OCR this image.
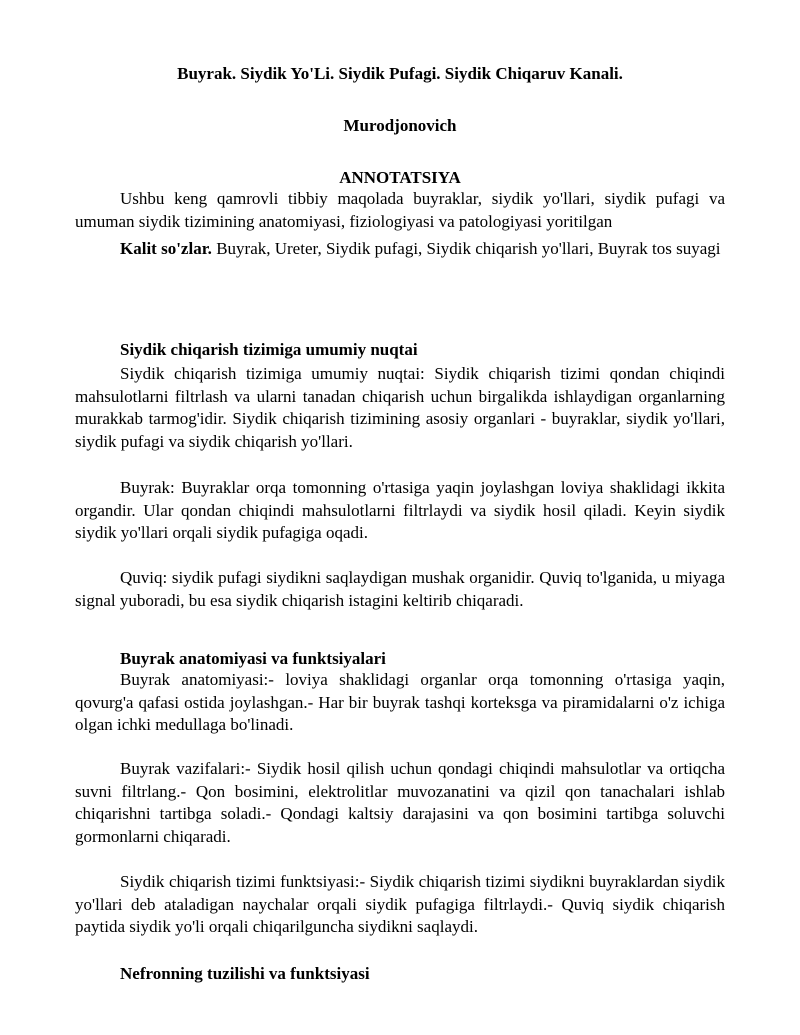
Buyrak. Siydik Yo'Li. Siydik Pufagi. Siydik Chiqaruv Kanali.
Murodjonovich
ANNOTATSIYA
Ushbu keng qamrovli tibbiy maqolada buyraklar, siydik yo'llari, siydik pufagi va umuman siydik tizimining anatomiyasi, fiziologiyasi va patologiyasi yoritilgan
Kalit so'zlar. Buyrak, Ureter, Siydik pufagi, Siydik chiqarish yo'llari, Buyrak tos suyagi
Siydik chiqarish tizimiga umumiy nuqtai
Siydik chiqarish tizimiga umumiy nuqtai: Siydik chiqarish tizimi qondan chiqindi mahsulotlarni filtrlash va ularni tanadan chiqarish uchun birgalikda ishlaydigan organlarning murakkab tarmog'idir. Siydik chiqarish tizimining asosiy organlari - buyraklar, siydik yo'llari, siydik pufagi va siydik chiqarish yo'llari.
Buyrak: Buyraklar orqa tomonning o'rtasiga yaqin joylashgan loviya shaklidagi ikkita organdir. Ular qondan chiqindi mahsulotlarni filtrlaydi va siydik hosil qiladi. Keyin siydik siydik yo'llari orqali siydik pufagiga oqadi.
Quviq: siydik pufagi siydikni saqlaydigan mushak organidir. Quviq to'lganida, u miyaga signal yuboradi, bu esa siydik chiqarish istagini keltirib chiqaradi.
Buyrak anatomiyasi va funktsiyalari
Buyrak anatomiyasi:- loviya shaklidagi organlar orqa tomonning o'rtasiga yaqin, qovurg'a qafasi ostida joylashgan.- Har bir buyrak tashqi korteksga va piramidalarni o'z ichiga olgan ichki medullaga bo'linadi.
Buyrak vazifalari:- Siydik hosil qilish uchun qondagi chiqindi mahsulotlar va ortiqcha suvni filtrlang.- Qon bosimini, elektrolitlar muvozanatini va qizil qon tanachalari ishlab chiqarishni tartibga soladi.- Qondagi kaltsiy darajasini va qon bosimini tartibga soluvchi gormonlarni chiqaradi.
Siydik chiqarish tizimi funktsiyasi:- Siydik chiqarish tizimi siydikni buyraklardan siydik yo'llari deb ataladigan naychalar orqali siydik pufagiga filtrlaydi.- Quviq siydik chiqarish paytida siydik yo'li orqali chiqarilguncha siydikni saqlaydi.
Nefronning tuzilishi va funktsiyasi
